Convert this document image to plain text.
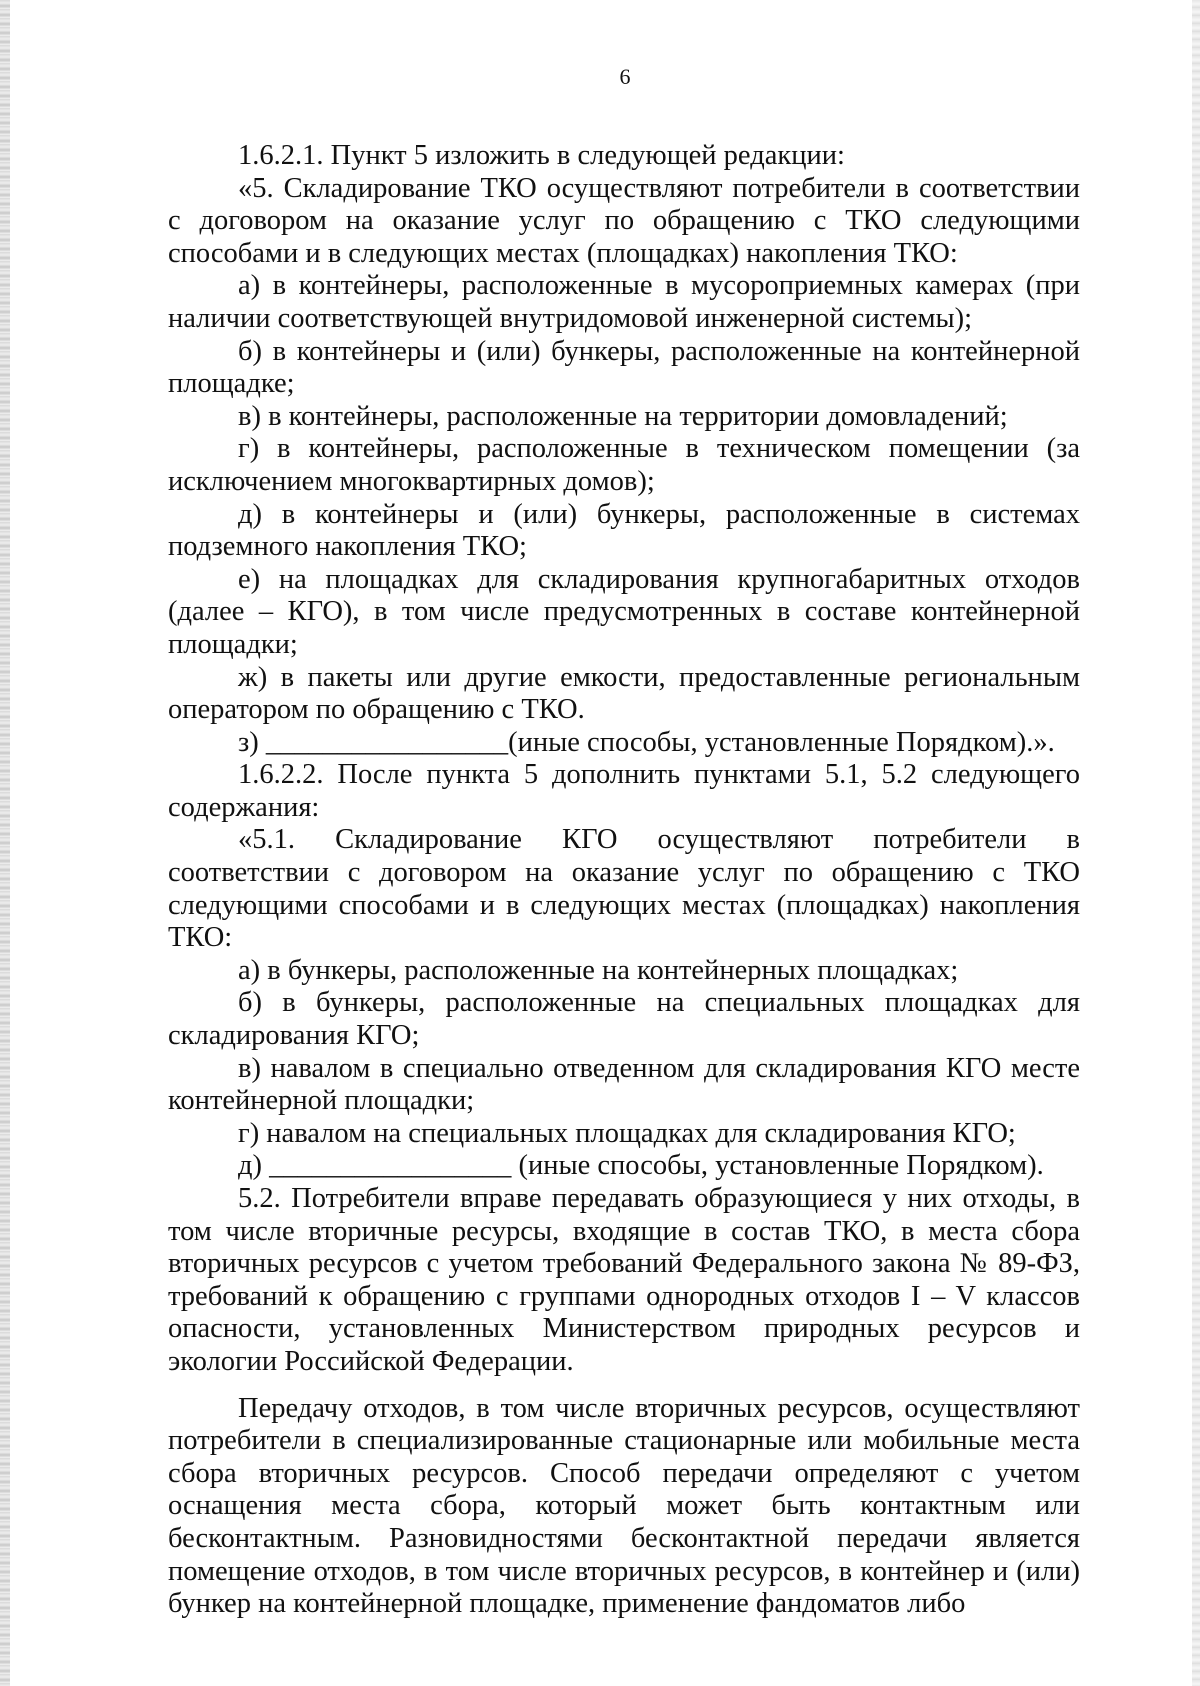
6

1.6.2.1. Пункт 5 изложить в следующей редакции:

«5. Складирование ТКО осуществляют потребители в соответствии с договором на оказание услуг по обращению с ТКО следующими способами и в следующих местах (площадках) накопления ТКО:

а) в контейнеры, расположенные в мусороприемных камерах (при наличии соответствующей внутридомовой инженерной системы);

б) в контейнеры и (или) бункеры, расположенные на контейнерной площадке;

в) в контейнеры, расположенные на территории домовладений;

г) в контейнеры, расположенные в техническом помещении (за исключением многоквартирных домов);

д) в контейнеры и (или) бункеры, расположенные в системах подземного накопления ТКО;

е) на площадках для складирования крупногабаритных отходов (далее – КГО), в том числе предусмотренных в составе контейнерной площадки;

ж) в пакеты или другие емкости, предоставленные региональным оператором по обращению с ТКО.

з) _________________(иные способы, установленные Порядком).».

1.6.2.2. После пункта 5 дополнить пунктами 5.1, 5.2 следующего содержания:

«5.1. Складирование КГО осуществляют потребители в соответствии с договором на оказание услуг по обращению с ТКО следующими способами и в следующих местах (площадках) накопления ТКО:

а) в бункеры, расположенные на контейнерных площадках;

б) в бункеры, расположенные на специальных площадках для складирования КГО;

в) навалом в специально отведенном для складирования КГО месте контейнерной площадки;

г) навалом на специальных площадках для складирования КГО;

д) _________________ (иные способы, установленные Порядком).

5.2. Потребители вправе передавать образующиеся у них отходы, в том числе вторичные ресурсы, входящие в состав ТКО, в места сбора вторичных ресурсов с учетом требований Федерального закона № 89-ФЗ, требований к обращению с группами однородных отходов I – V классов опасности, установленных Министерством природных ресурсов и экологии Российской Федерации.

Передачу отходов, в том числе вторичных ресурсов, осуществляют потребители в специализированные стационарные или мобильные места сбора вторичных ресурсов. Способ передачи определяют с учетом оснащения места сбора, который может быть контактным или бесконтактным. Разновидностями бесконтактной передачи является помещение отходов, в том числе вторичных ресурсов, в контейнер и (или) бункер на контейнерной площадке, применение фандоматов либо
